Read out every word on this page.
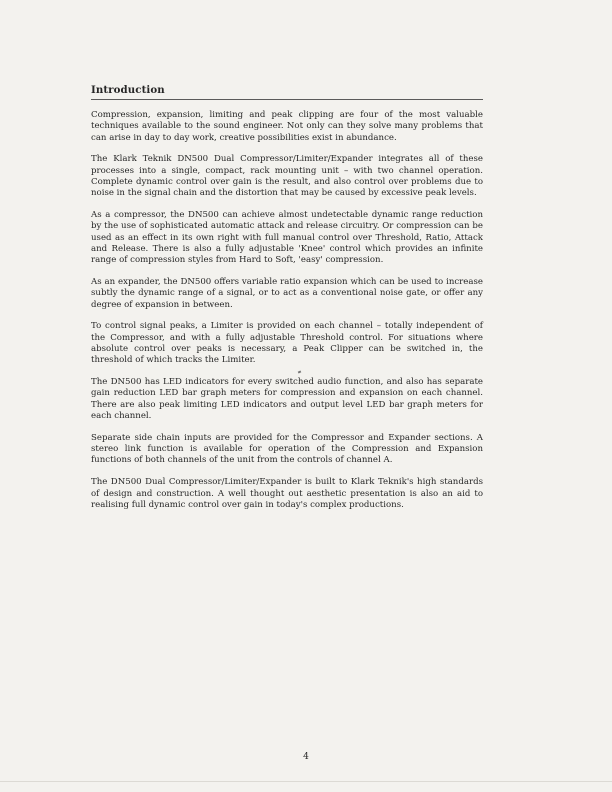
Introduction

Compression, expansion, limiting and peak clipping are four of the most valuable techniques available to the sound engineer. Not only can they solve many problems that can arise in day to day work, creative possibilities exist in abundance.

The Klark Teknik DN500 Dual Compressor/Limiter/Expander integrates all of these processes into a single, compact, rack mounting unit – with two channel operation. Complete dynamic control over gain is the result, and also control over problems due to noise in the signal chain and the distortion that may be caused by excessive peak levels.

As a compressor, the DN500 can achieve almost undetectable dynamic range reduction by the use of sophisticated automatic attack and release circuitry. Or compression can be used as an effect in its own right with full manual control over Threshold, Ratio, Attack and Release. There is also a fully adjustable 'Knee' control which provides an infinite range of compression styles from Hard to Soft, 'easy' compression.

As an expander, the DN500 offers variable ratio expansion which can be used to increase subtly the dynamic range of a signal, or to act as a conventional noise gate, or offer any degree of expansion in between.

To control signal peaks, a Limiter is provided on each channel – totally independent of the Compressor, and with a fully adjustable Threshold control. For situations where absolute control over peaks is necessary, a Peak Clipper can be switched in, the threshold of which tracks the Limiter.

The DN500 has LED indicators for every switched audio function, and also has separate gain reduction LED bar graph meters for compression and expansion on each channel. There are also peak limiting LED indicators and output level LED bar graph meters for each channel.

Separate side chain inputs are provided for the Compressor and Expander sections. A stereo link function is available for operation of the Compression and Expansion functions of both channels of the unit from the controls of channel A.

The DN500 Dual Compressor/Limiter/Expander is built to Klark Teknik's high standards of design and construction. A well thought out aesthetic presentation is also an aid to realising full dynamic control over gain in today's complex productions.

4
